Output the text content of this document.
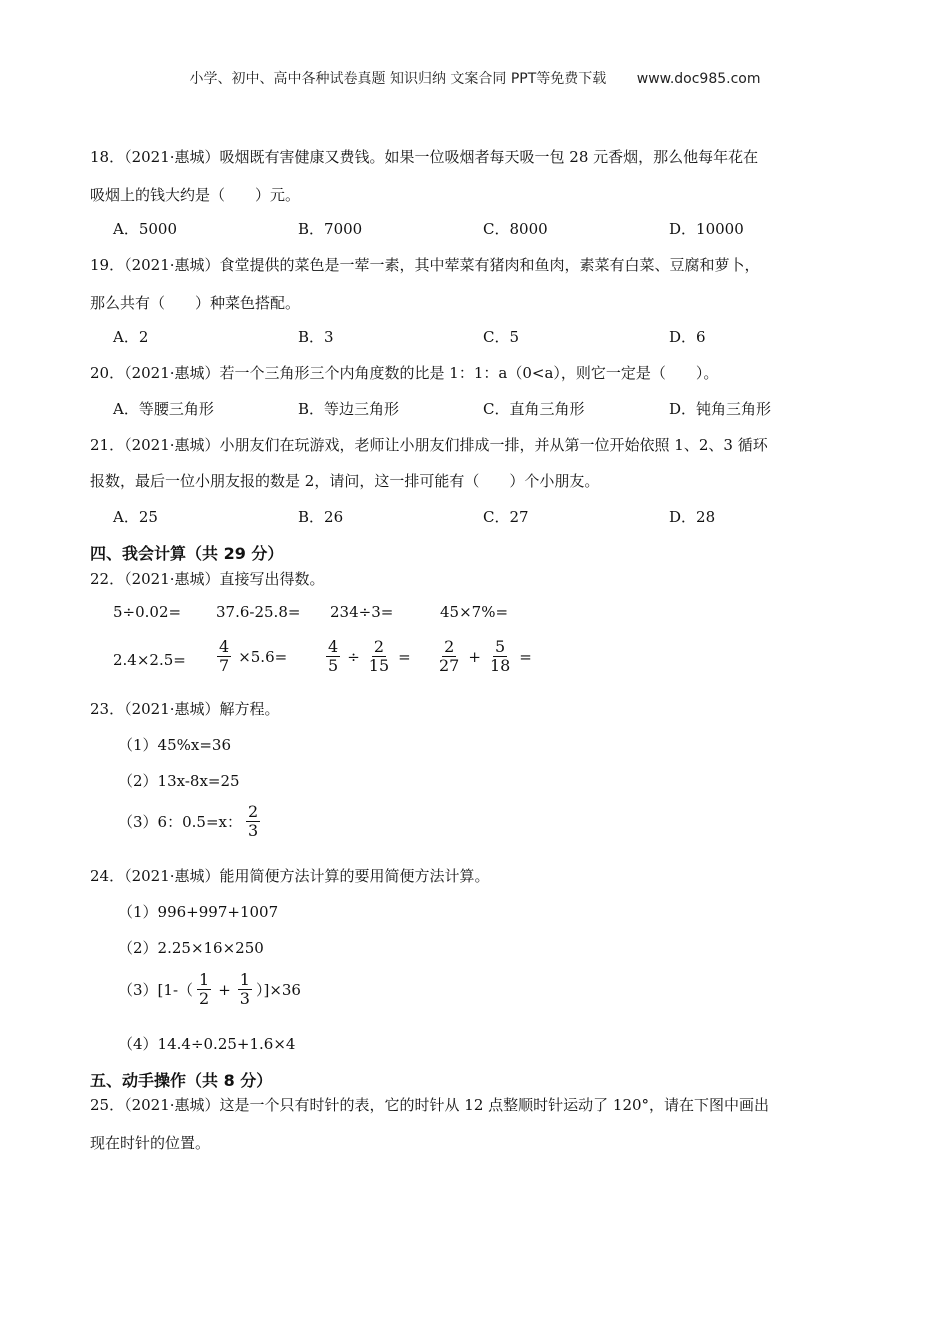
小学、初中、高中各种试卷真题 知识归纳 文案合同 PPT等免费下载 www.doc985.com
18．（2021·惠城）吸烟既有害健康又费钱。如果一位吸烟者每天吸一包 28 元香烟，那么他每年花在
吸烟上的钱大约是（　　）元。
A．5000	B．7000	C．8000	D．10000
19．（2021·惠城）食堂提供的菜色是一荤一素，其中荤菜有猪肉和鱼肉，素菜有白菜、豆腐和萝卜，
那么共有（　　）种菜色搭配。
A．2	B．3	C．5	D．6
20．（2021·惠城）若一个三角形三个内角度数的比是 1：1：a（0<a），则它一定是（　　）。
A．等腰三角形	B．等边三角形	C．直角三角形	D．钝角三角形
21．（2021·惠城）小朋友们在玩游戏，老师让小朋友们排成一排，并从第一位开始依照 1、2、3 循环
报数，最后一位小朋友报的数是 2，请问，这一排可能有（　　）个小朋友。
A．25	B．26	C．27	D．28
四、我会计算（共 29 分）
22．（2021·惠城）直接写出得数。
5÷0.02= 37.6-25.8= 234÷3=	45×7%=
$2.4\times 2.5= \frac{4}{7} \times 5.6= \frac{4}{5} \div \frac{2}{15} = \frac{2}{27} + \frac{5}{18}$ =
23．（2021·惠城）解方程。
（1）45%x=36
（2）13x-8x=25
（3）6：0.5=x： $\frac{2}{3}$
24．（2021·惠城）能用简便方法计算的要用简便方法计算。
（1）996+997+1007
（2）2.25×16×250
$(3)[1-( \frac{1}{2} + \frac{1}{3} )]\times 36$
（4）14.4÷0.25+1.6×4
五、动手操作（共 8 分）
25．（2021·惠城）这是一个只有时针的表，它的时针从 12 点整顺时针运动了 120°，请在下图中画出
现在时针的位置。
